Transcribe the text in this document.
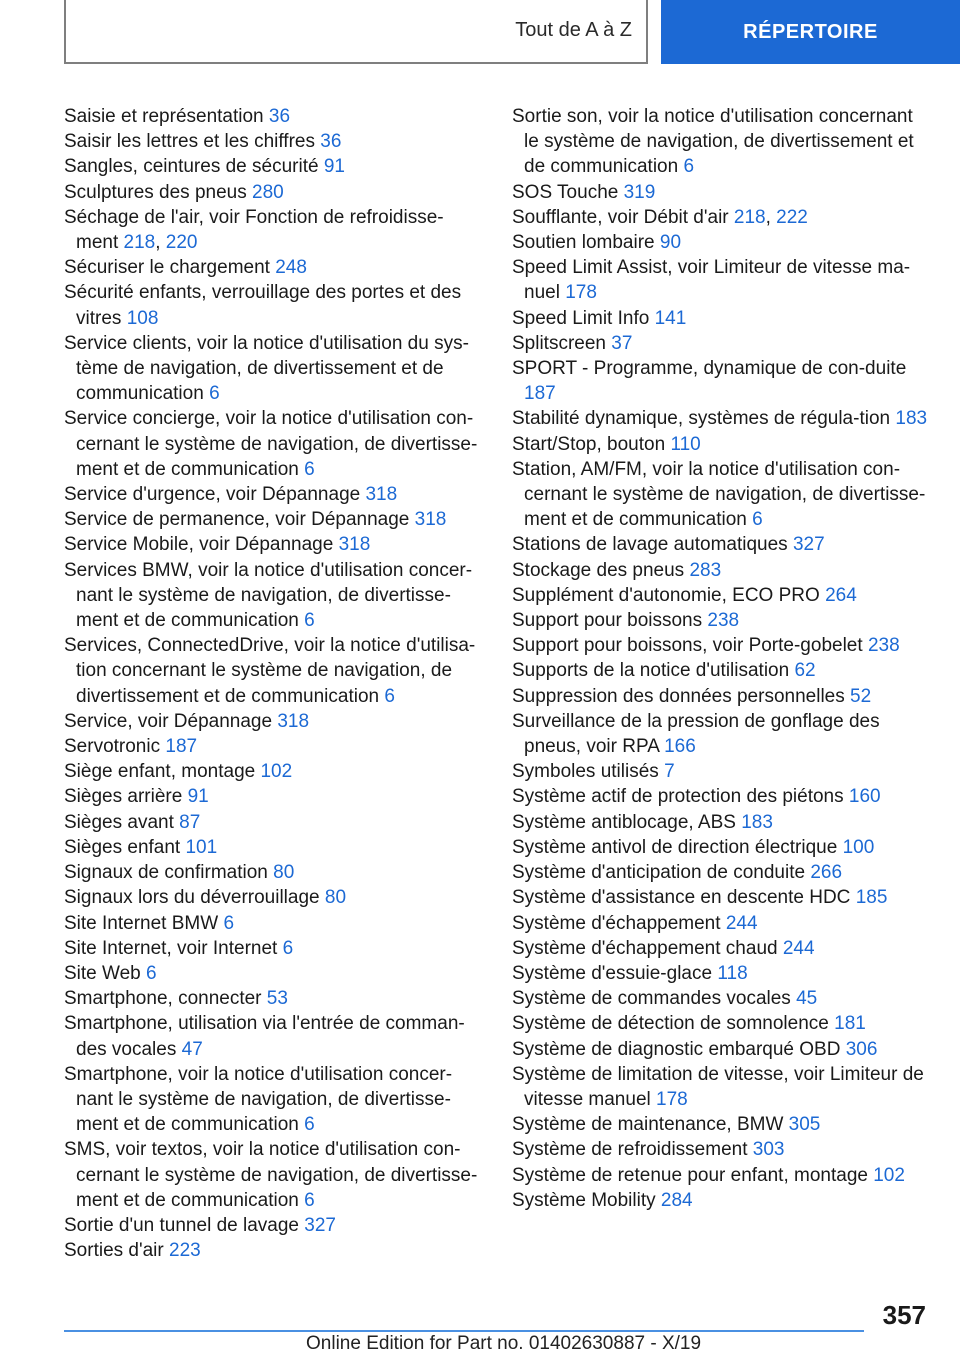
Tout de A à Z	RÉPERTOIRE

Saisie et représentation 36

Saisir les lettres et les chiffres 36

Sangles, ceintures de sécurité 91

Sculptures des pneus 280

Séchage de l'air, voir Fonction de refroidisse-ment 218, 220

Sécuriser le chargement 248

Sécurité enfants, verrouillage des portes et des vitres 108

Service clients, voir la notice d'utilisation du sys-tème de navigation, de divertissement et de communication 6

Service concierge, voir la notice d'utilisation con-cernant le système de navigation, de divertisse-ment et de communication 6

Service d'urgence, voir Dépannage 318

Service de permanence, voir Dépannage 318

Service Mobile, voir Dépannage 318

Services BMW, voir la notice d'utilisation concer-nant le système de navigation, de divertisse-ment et de communication 6

Services, ConnectedDrive, voir la notice d'utilisa-tion concernant le système de navigation, de divertissement et de communication 6

Service, voir Dépannage 318

Servotronic 187

Siège enfant, montage 102

Sièges arrière 91

Sièges avant 87

Sièges enfant 101

Signaux de confirmation 80

Signaux lors du déverrouillage 80

Site Internet BMW 6

Site Internet, voir Internet 6

Site Web 6

Smartphone, connecter 53

Smartphone, utilisation via l'entrée de comman-des vocales 47

Smartphone, voir la notice d'utilisation concer-nant le système de navigation, de divertisse-ment et de communication 6

SMS, voir textos, voir la notice d'utilisation con-cernant le système de navigation, de divertisse-ment et de communication 6

Sortie d'un tunnel de lavage 327

Sorties d'air 223

Sortie son, voir la notice d'utilisation concernant le système de navigation, de divertissement et de communication 6

SOS Touche 319

Soufflante, voir Débit d'air 218, 222

Soutien lombaire 90

Speed Limit Assist, voir Limiteur de vitesse ma-nuel 178

Speed Limit Info 141

Splitscreen 37

SPORT - Programme, dynamique de con-duite 187

Stabilité dynamique, systèmes de régula-tion 183

Start/Stop, bouton 110

Station, AM/FM, voir la notice d'utilisation con-cernant le système de navigation, de divertisse-ment et de communication 6

Stations de lavage automatiques 327

Stockage des pneus 283

Supplément d'autonomie, ECO PRO 264

Support pour boissons 238

Support pour boissons, voir Porte-gobelet 238

Supports de la notice d'utilisation 62

Suppression des données personnelles 52

Surveillance de la pression de gonflage des pneus, voir RPA 166

Symboles utilisés 7

Système actif de protection des piétons 160

Système antiblocage, ABS 183

Système antivol de direction électrique 100

Système d'anticipation de conduite 266

Système d'assistance en descente HDC 185

Système d'échappement 244

Système d'échappement chaud 244

Système d'essuie-glace 118

Système de commandes vocales 45

Système de détection de somnolence 181

Système de diagnostic embarqué OBD 306

Système de limitation de vitesse, voir Limiteur de vitesse manuel 178

Système de maintenance, BMW 305

Système de refroidissement 303

Système de retenue pour enfant, montage 102

Système Mobility 284

357
Online Edition for Part no. 01402630887 - X/19
